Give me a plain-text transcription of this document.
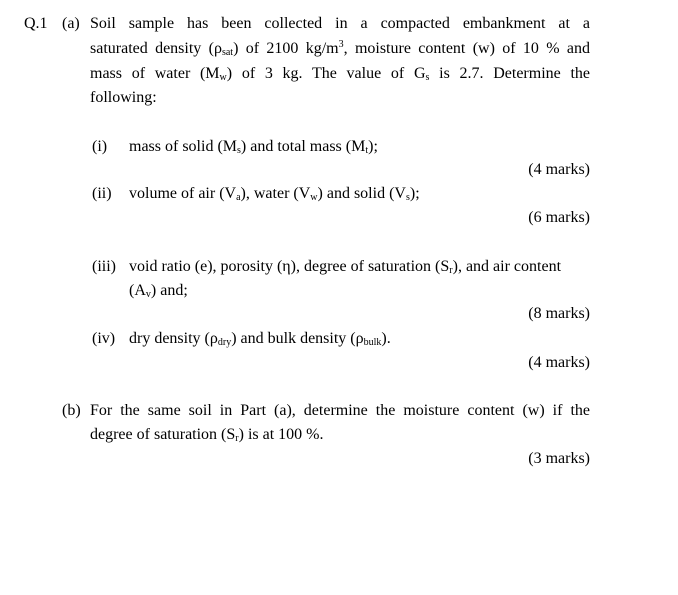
Q.1 (a) Soil sample has been collected in a compacted embankment at a
saturated density $(\rho_{sat})$ of 2100 $kg/m^3$, moisture content (w) of 10 % and
mass of water $(M_w)$ of 3 kg. The value of $G_s$ is 2.7. Determine the
following:
(i) mass of solid $(M_s)$ and total mass $(M_t)$;
(4 marks)
(ii) volume of air $(V_a)$, water $(V_w)$ and solid $(V_s)$;
(6 marks)
(iii) void ratio (e), porosity (η), degree of saturation $(S_r)$, and air content
$(A_v)$ and;
(8 marks)
(iv) dry density $(\rho_{dry})$ and bulk density $(\rho_{bulk})$.
(4 marks)
(b) For the same soil in Part (a), determine the moisture content (w) if the
degree of saturation $(S_r)$ is at 100 %.
(3 marks)
